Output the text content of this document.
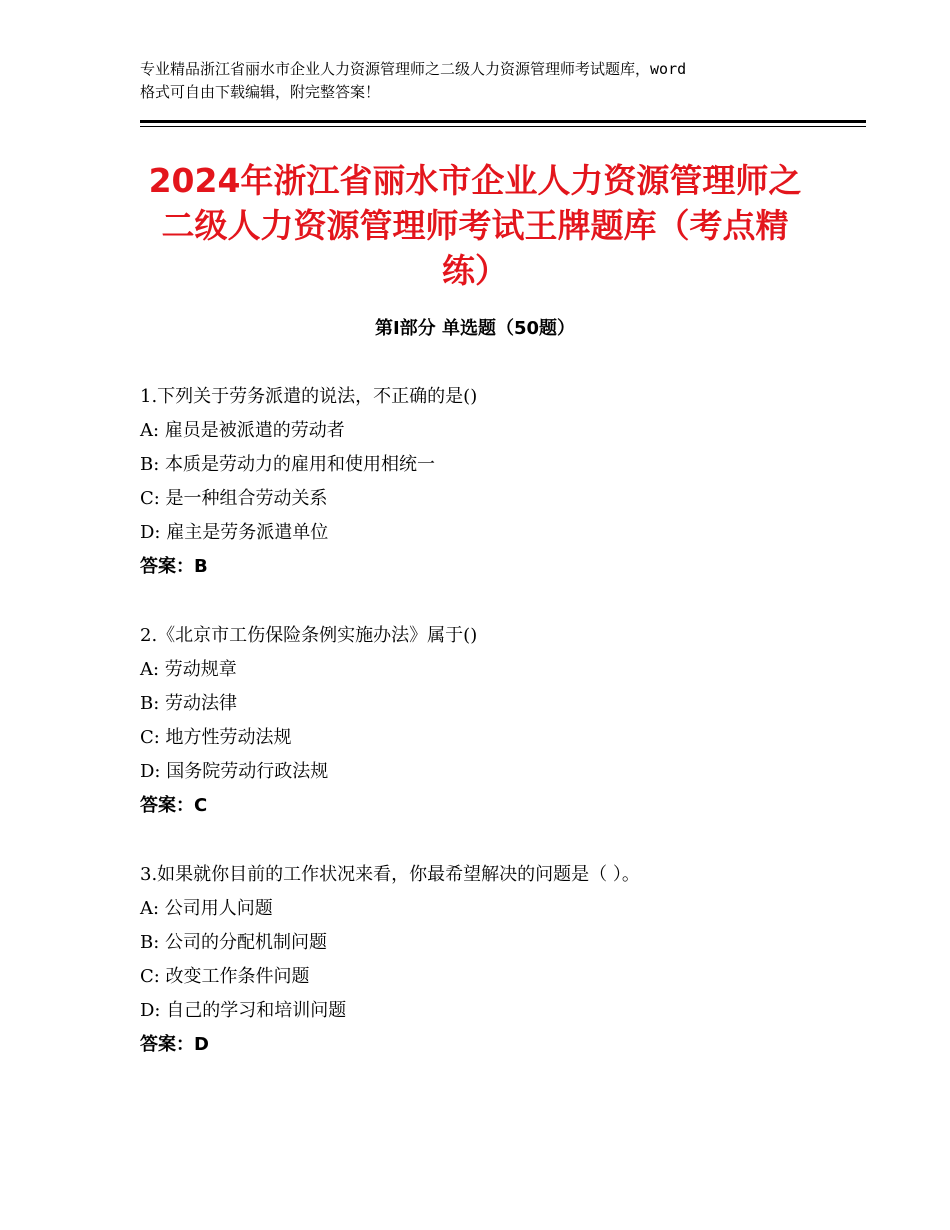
专业精品浙江省丽水市企业人力资源管理师之二级人力资源管理师考试题库，word
格式可自由下载编辑，附完整答案！
2024年浙江省丽水市企业人力资源管理师之
二级人力资源管理师考试王牌题库（考点精
练）
第Ⅰ部分 单选题（50题）
1.下列关于劳务派遣的说法，不正确的是()
A: 雇员是被派遣的劳动者
B: 本质是劳动力的雇用和使用相统一
C: 是一种组合劳动关系
D: 雇主是劳务派遣单位
答案：B
2.《北京市工伤保险条例实施办法》属于()
A: 劳动规章
B: 劳动法律
C: 地方性劳动法规
D: 国务院劳动行政法规
答案：C
3.如果就你目前的工作状况来看，你最希望解决的问题是（ ）。
A: 公司用人问题
B: 公司的分配机制问题
C: 改变工作条件问题
D: 自己的学习和培训问题
答案：D
